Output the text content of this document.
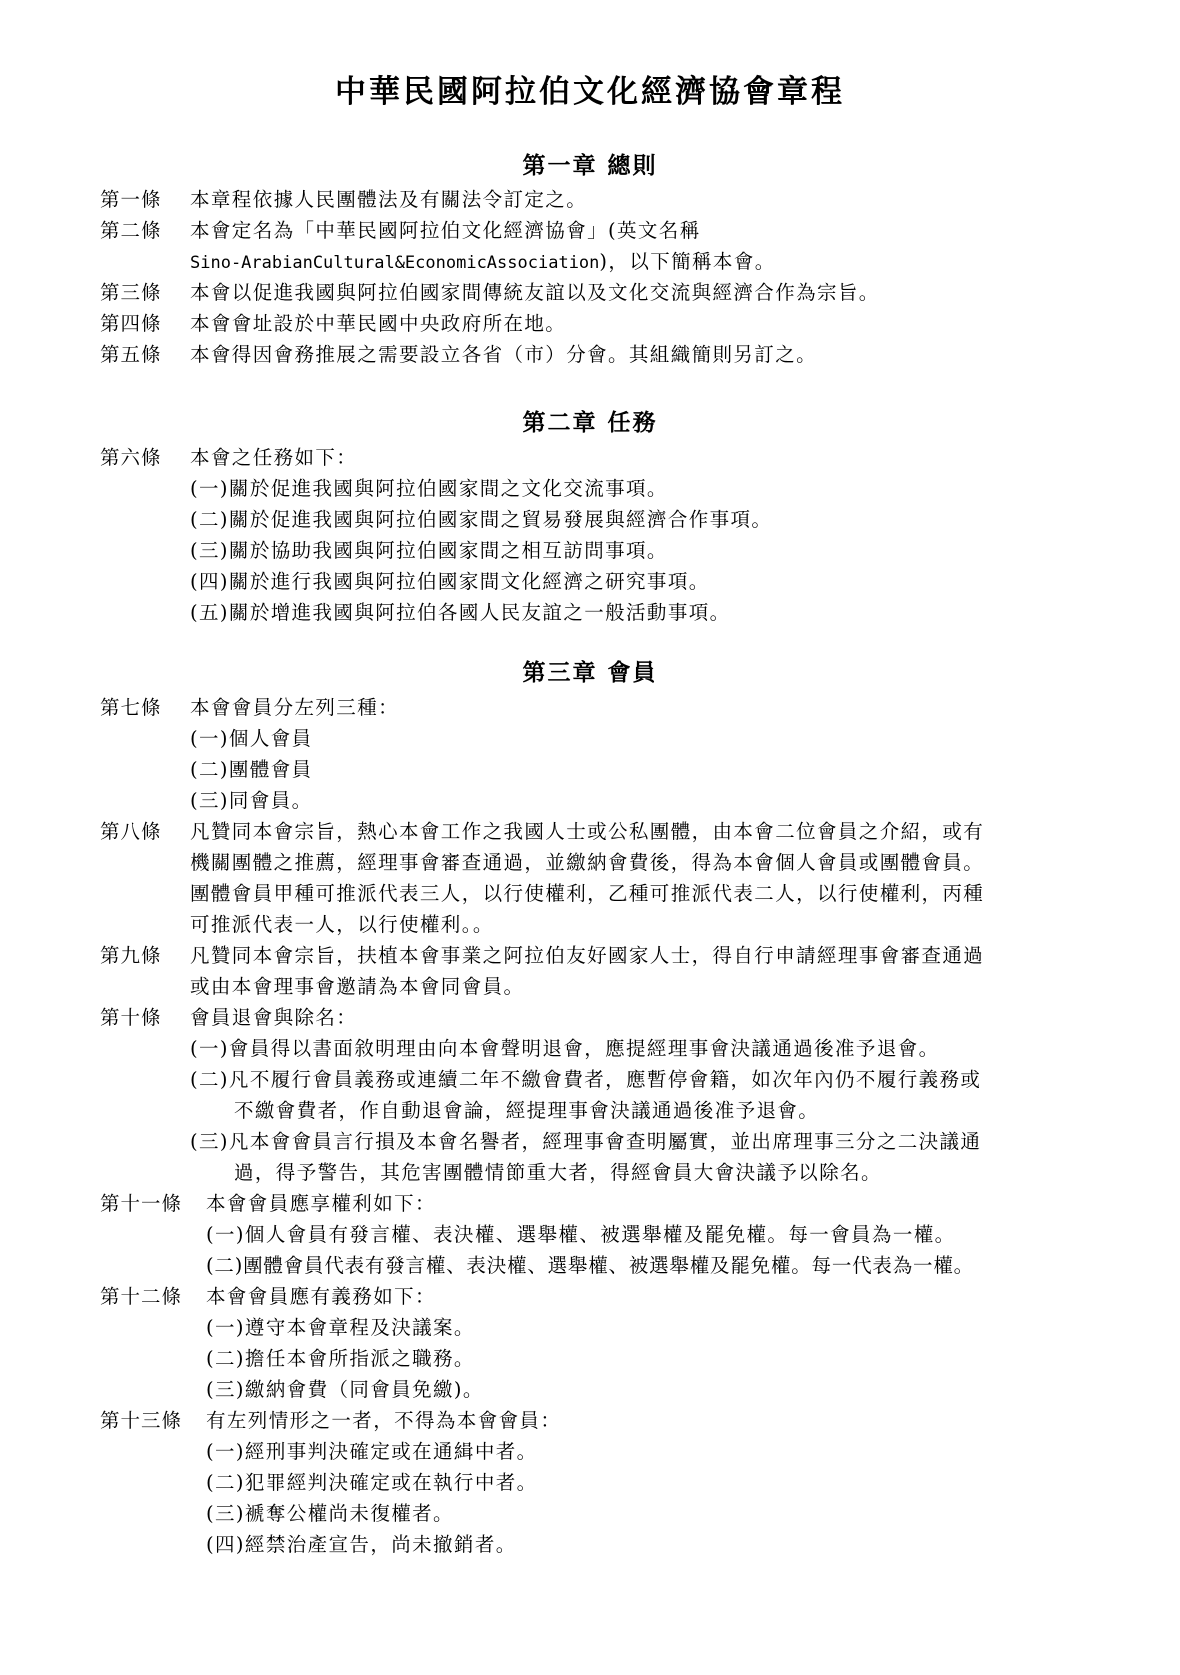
中華民國阿拉伯文化經濟協會章程
第一章 總則
第一條 本章程依據人民團體法及有關法令訂定之。
第二條 本會定名為「中華民國阿拉伯文化經濟協會」(英文名稱
Sino-ArabianCultural&EconomicAssociation)，以下簡稱本會。
第三條 本會以促進我國與阿拉伯國家間傳統友誼以及文化交流與經濟合作為宗旨。
第四條 本會會址設於中華民國中央政府所在地。
第五條 本會得因會務推展之需要設立各省（市）分會。其組織簡則另訂之。
第二章 任務
第六條 本會之任務如下：
(一)關於促進我國與阿拉伯國家間之文化交流事項。
(二)關於促進我國與阿拉伯國家間之貿易發展與經濟合作事項。
(三)關於協助我國與阿拉伯國家間之相互訪問事項。
(四)關於進行我國與阿拉伯國家間文化經濟之研究事項。
(五)關於增進我國與阿拉伯各國人民友誼之一般活動事項。
第三章 會員
第七條 本會會員分左列三種：
(一)個人會員
(二)團體會員
(三)同會員。
第八條 凡贊同本會宗旨，熱心本會工作之我國人士或公私團體，由本會二位會員之介紹，或有
機關團體之推薦，經理事會審查通過，並繳納會費後，得為本會個人會員或團體會員。
團體會員甲種可推派代表三人，以行使權利，乙種可推派代表二人，以行使權利，丙種
可推派代表一人，以行使權利。。
第九條 凡贊同本會宗旨，扶植本會事業之阿拉伯友好國家人士，得自行申請經理事會審查通過
或由本會理事會邀請為本會同會員。
第十條 會員退會與除名：
(一)會員得以書面敘明理由向本會聲明退會，應提經理事會決議通過後准予退會。
(二)凡不履行會員義務或連續二年不繳會費者，應暫停會籍，如次年內仍不履行義務或
不繳會費者，作自動退會論，經提理事會決議通過後准予退會。
(三)凡本會會員言行損及本會名譽者，經理事會查明屬實，並出席理事三分之二決議通
過，得予警告，其危害團體情節重大者，得經會員大會決議予以除名。
第十一條 本會會員應享權利如下：
(一)個人會員有發言權、表決權、選舉權、被選舉權及罷免權。每一會員為一權。
(二)團體會員代表有發言權、表決權、選舉權、被選舉權及罷免權。每一代表為一權。
第十二條 本會會員應有義務如下：
(一)遵守本會章程及決議案。
(二)擔任本會所指派之職務。
(三)繳納會費（同會員免繳)。
第十三條 有左列情形之一者，不得為本會會員：
(一)經刑事判決確定或在通緝中者。
(二)犯罪經判決確定或在執行中者。
(三)褫奪公權尚未復權者。
(四)經禁治產宣告，尚未撤銷者。
